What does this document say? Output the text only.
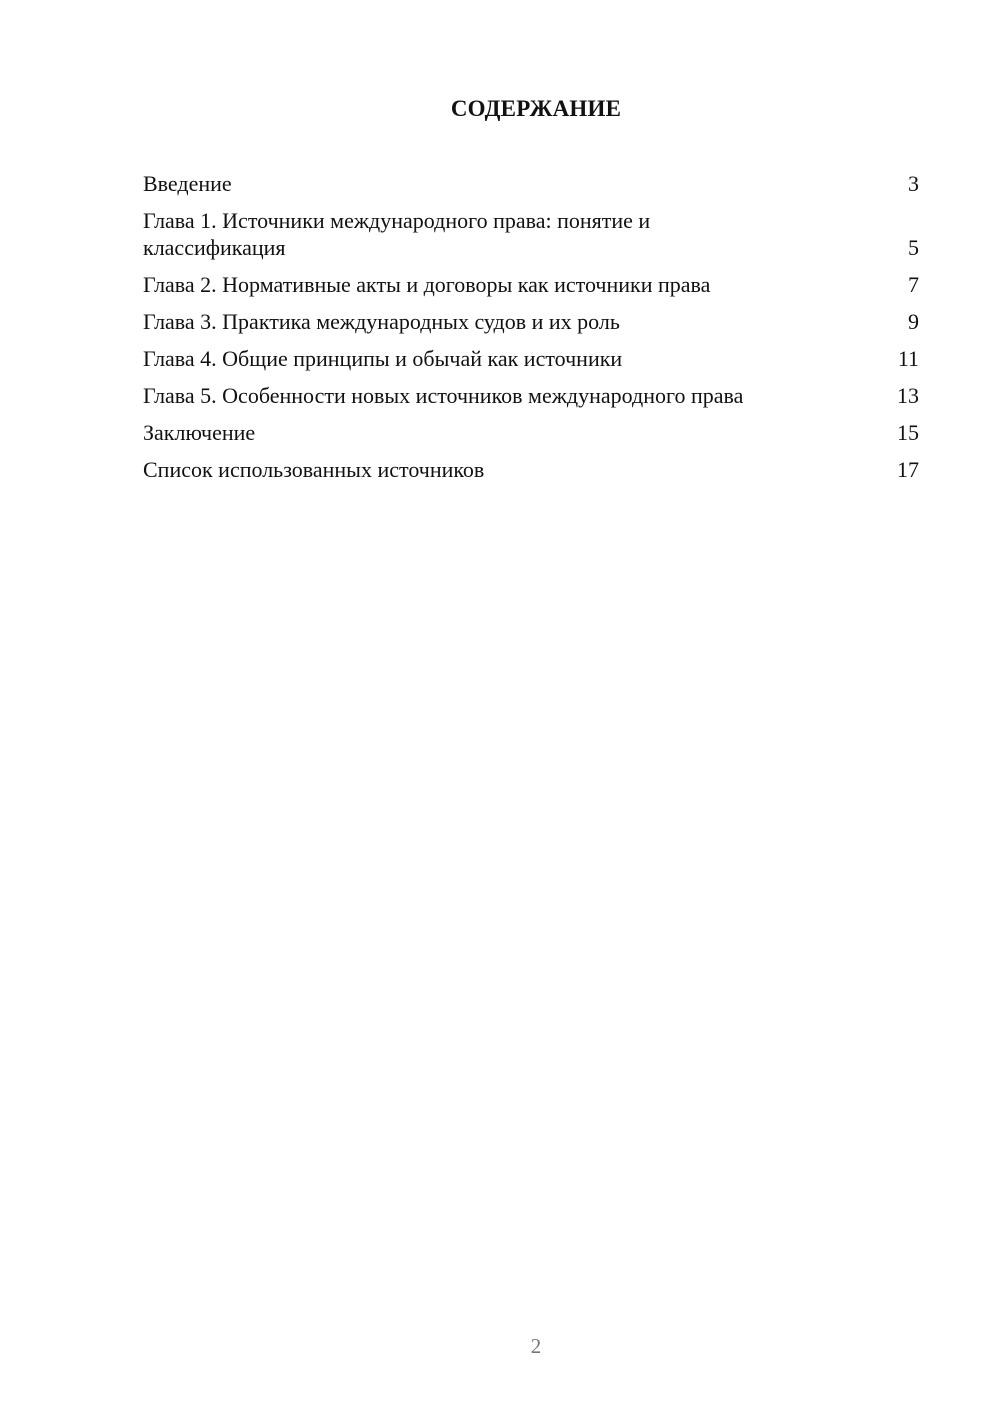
СОДЕРЖАНИЕ
Введение	3
Глава 1. Источники международного права: понятие и классификация	5
Глава 2. Нормативные акты и договоры как источники права	7
Глава 3. Практика международных судов и их роль	9
Глава 4. Общие принципы и обычай как источники	11
Глава 5. Особенности новых источников международного права	13
Заключение	15
Список использованных источников	17
2
